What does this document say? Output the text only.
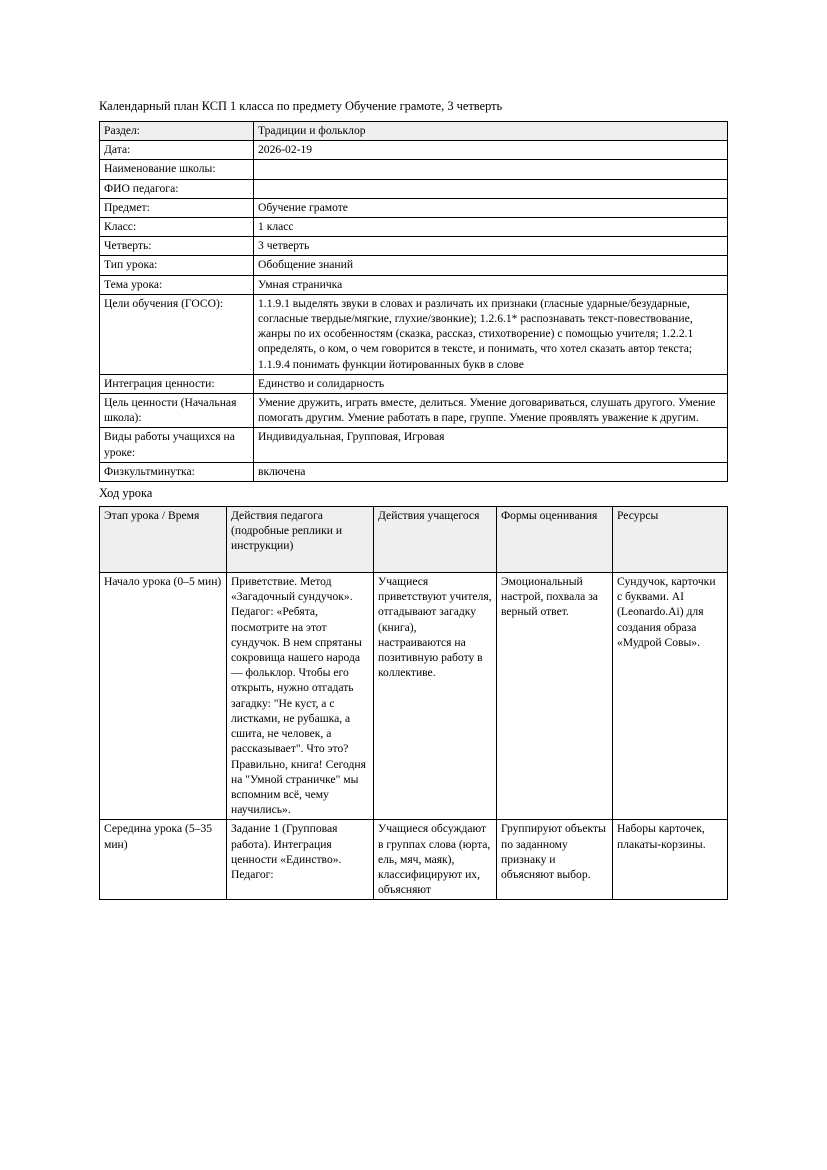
Календарный план КСП 1 класса по предмету Обучение грамоте, 3 четверть

Раздел:	Традиции и фольклор
Дата:	2026-02-19
Наименование школы:	
ФИО педагога:	
Предмет:	Обучение грамоте
Класс:	1 класс
Четверть:	3 четверть
Тип урока:	Обобщение знаний
Тема урока:	Умная страничка
Цели обучения (ГОСО):	1.1.9.1 выделять звуки в словах и различать их признаки (гласные ударные/безударные, согласные твердые/мягкие, глухие/звонкие); 1.2.6.1* распознавать текст-повествование, жанры по их особенностям (сказка, рассказ, стихотворение) с помощью учителя; 1.2.2.1 определять, о ком, о чем говорится в тексте, и понимать, что хотел сказать автор текста; 1.1.9.4 понимать функции йотированных букв в слове
Интеграция ценности:	Единство и солидарность
Цель ценности (Начальная школа):	Умение дружить, играть вместе, делиться. Умение договариваться, слушать другого. Умение помогать другим. Умение работать в паре, группе. Умение проявлять уважение к другим.
Виды работы учащихся на уроке:	Индивидуальная, Групповая, Игровая
Физкультминутка:	включена

Ход урока

Этап урока / Время	Действия педагога (подробные реплики и инструкции)	Действия учащегося	Формы оценивания	Ресурсы
Начало урока (0–5 мин)	Приветствие. Метод «Загадочный сундучок». Педагог: «Ребята, посмотрите на этот сундучок. В нем спрятаны сокровища нашего народа — фольклор. Чтобы его открыть, нужно отгадать загадку: "Не куст, а с листками, не рубашка, а сшита, не человек, а рассказывает". Что это? Правильно, книга! Сегодня на "Умной страничке" мы вспомним всё, чему научились».	Учащиеся приветствуют учителя, отгадывают загадку (книга), настраиваются на позитивную работу в коллективе.	Эмоциональный настрой, похвала за верный ответ.	Сундучок, карточки с буквами. AI (Leonardo.Ai) для создания образа «Мудрой Совы».
Середина урока (5–35 мин)	Задание 1 (Групповая работа). Интеграция ценности «Единство». Педагог:	Учащиеся обсуждают в группах слова (юрта, ель, мяч, маяк), классифицируют их, объясняют	Группируют объекты по заданному признаку и объясняют выбор.	Наборы карточек, плакаты-корзины.
